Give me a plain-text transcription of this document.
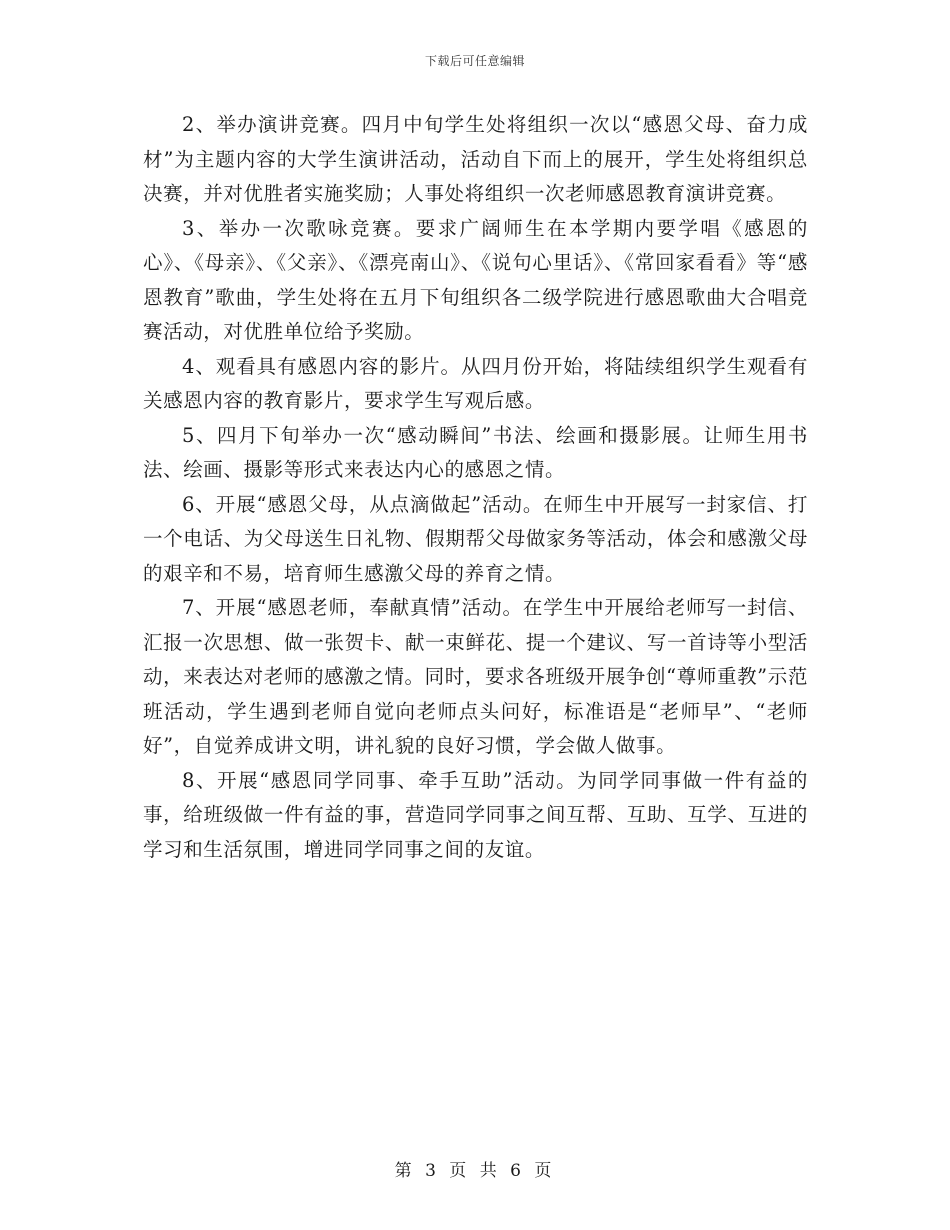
下载后可任意编辑

2、举办演讲竞赛。四月中旬学生处将组织一次以“感恩父母、奋力成材”为主题内容的大学生演讲活动，活动自下而上的展开，学生处将组织总决赛，并对优胜者实施奖励；人事处将组织一次老师感恩教育演讲竞赛。

3、举办一次歌咏竞赛。要求广阔师生在本学期内要学唱《感恩的心》、《母亲》、《父亲》、《漂亮南山》、《说句心里话》、《常回家看看》等“感恩教育”歌曲，学生处将在五月下旬组织各二级学院进行感恩歌曲大合唱竞赛活动，对优胜单位给予奖励。

4、观看具有感恩内容的影片。从四月份开始，将陆续组织学生观看有关感恩内容的教育影片，要求学生写观后感。

5、四月下旬举办一次“感动瞬间”书法、绘画和摄影展。让师生用书法、绘画、摄影等形式来表达内心的感恩之情。

6、开展“感恩父母，从点滴做起”活动。在师生中开展写一封家信、打一个电话、为父母送生日礼物、假期帮父母做家务等活动，体会和感激父母的艰辛和不易，培育师生感激父母的养育之情。

7、开展“感恩老师，奉献真情”活动。在学生中开展给老师写一封信、汇报一次思想、做一张贺卡、献一束鲜花、提一个建议、写一首诗等小型活动，来表达对老师的感激之情。同时，要求各班级开展争创“尊师重教”示范班活动，学生遇到老师自觉向老师点头问好，标准语是“老师早”、“老师好”，自觉养成讲文明，讲礼貌的良好习惯，学会做人做事。

8、开展“感恩同学同事、牵手互助”活动。为同学同事做一件有益的事，给班级做一件有益的事，营造同学同事之间互帮、互助、互学、互进的学习和生活氛围，增进同学同事之间的友谊。

第 3 页 共 6 页
